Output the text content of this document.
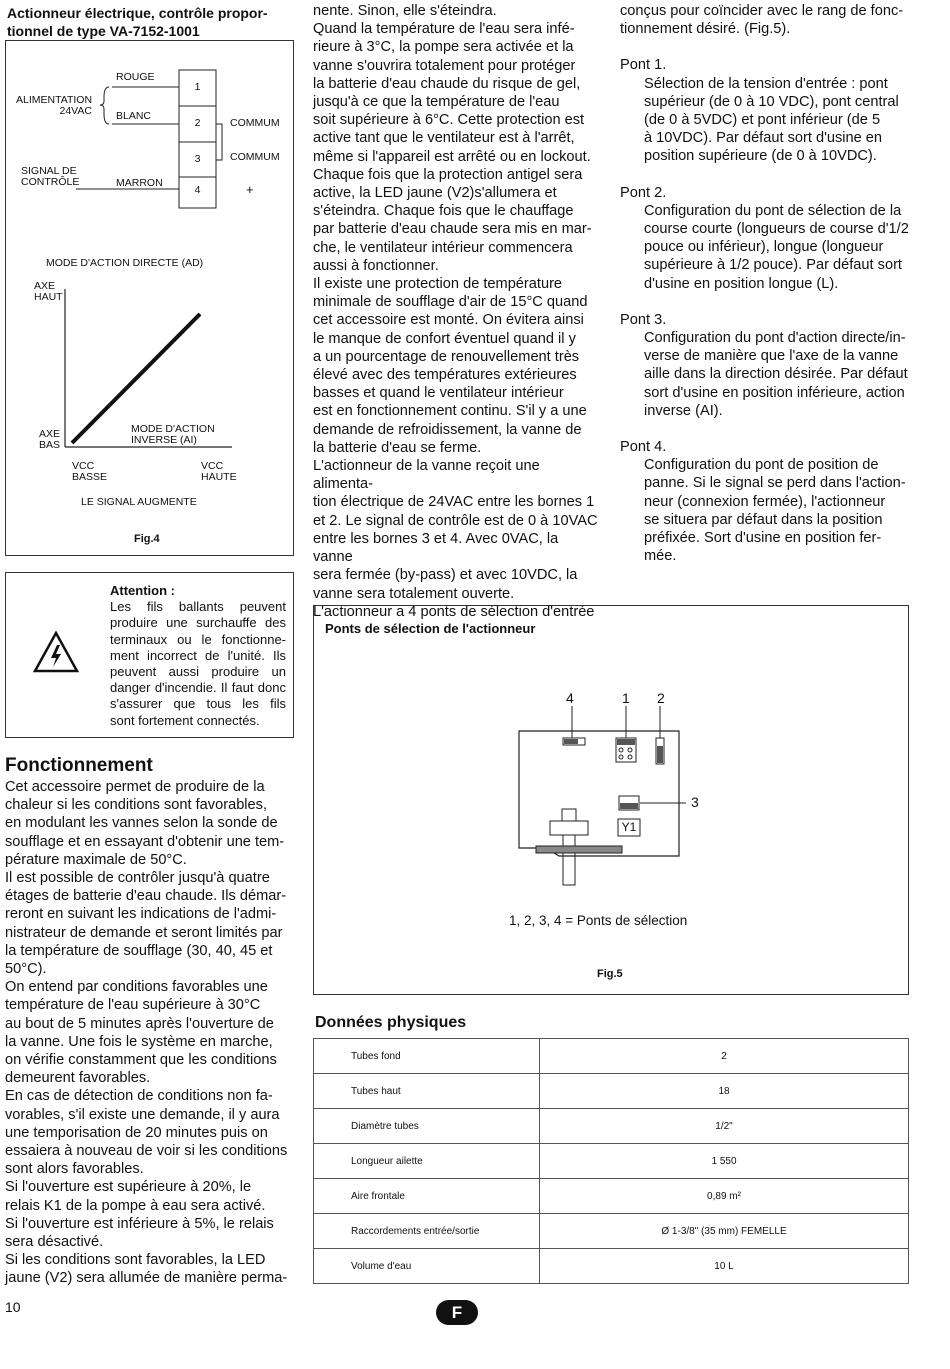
Actionneur électrique, contrôle propor-
tionnel de type VA-7152-1001
ROUGE
BLANC
MARRON
ALIMENTATION
24VAC
SIGNAL DE
CONTRÔLE
1
2
3
4
COMMUM
COMMUM
+
MODE D'ACTION DIRECTE (AD)
AXE
HAUT
AXE
BAS
MODE D'ACTION
INVERSE (AI)
VCC
BASSE
VCC
HAUTE
LE SIGNAL AUGMENTE
Fig.4
Attention :
Les fils ballants peuvent
produire une surchauffe des
terminaux ou le fonctionne-
ment incorrect de l'unité. Ils
peuvent aussi produire un
danger d'incendie. Il faut donc
s'assurer que tous les fils
sont fortement connectés.
Fonctionnement
Cet accessoire permet de produire de la
chaleur si les conditions sont favorables,
en modulant les vannes selon la sonde de
soufflage et en essayant d'obtenir une tem-
pérature maximale de 50°C.
Il est possible de contrôler jusqu'à quatre
étages de batterie d'eau chaude. Ils démar-
reront en suivant les indications de l'admi-
nistrateur de demande et seront limités par
la température de soufflage (30, 40, 45 et
50°C).
On entend par conditions favorables une
température de l'eau supérieure à 30°C
au bout de 5 minutes après l'ouverture de
la vanne. Une fois le système en marche,
on vérifie constamment que les conditions
demeurent favorables.
En cas de détection de conditions non fa-
vorables, s'il existe une demande, il y aura
une temporisation de 20 minutes puis on
essaiera à nouveau de voir si les conditions
sont alors favorables.
Si l'ouverture est supérieure à 20%, le
relais K1 de la pompe à eau sera activé.
Si l'ouverture est inférieure à 5%, le relais
sera désactivé.
Si les conditions sont favorables, la LED
jaune (V2) sera allumée de manière perma-
nente. Sinon, elle s'éteindra.
Quand la température de l'eau sera infé-
rieure à 3°C, la pompe sera activée et la
vanne s'ouvrira totalement pour protéger
la batterie d'eau chaude du risque de gel,
jusqu'à ce que la température de l'eau
soit supérieure à 6°C. Cette protection est
active tant que le ventilateur est à l'arrêt,
même si l'appareil est arrêté ou en lockout.
Chaque fois que la protection antigel sera
active, la LED jaune (V2)s'allumera et
s'éteindra. Chaque fois que le chauffage
par batterie d'eau chaude sera mis en mar-
che, le ventilateur intérieur commencera
aussi à fonctionner.
Il existe une protection de température
minimale de soufflage d'air de 15°C quand
cet accessoire est monté. On évitera ainsi
le manque de confort éventuel quand il y
a un pourcentage de renouvellement très
élevé avec des températures extérieures
basses et quand le ventilateur intérieur
est en fonctionnement continu. S'il y a une
demande de refroidissement, la vanne de
la batterie d'eau se ferme.
L'actionneur de la vanne reçoit une alimenta-
tion électrique de 24VAC entre les bornes 1
et 2. Le signal de contrôle est de 0 à 10VAC
entre les bornes 3 et 4. Avec 0VAC, la vanne
sera fermée (by-pass) et avec 10VDC, la
vanne sera totalement ouverte.
L'actionneur a 4 ponts de sélection d'entrée
conçus pour coïncider avec le rang de fonc-
tionnement désiré. (Fig.5).
Pont 1.
Sélection de la tension d'entrée : pont
supérieur (de 0 à 10 VDC), pont central
(de 0 à 5VDC) et pont inférieur (de 5
à 10VDC). Par défaut sort d'usine en
position supérieure (de 0 à 10VDC).
Pont 2.
Configuration du pont de sélection de la
course courte (longueurs de course d'1/2
pouce ou inférieur), longue (longueur
supérieure à 1/2 pouce). Par défaut sort
d'usine en position longue (L).
Pont 3.
Configuration du pont d'action directe/in-
verse de manière que l'axe de la vanne
aille dans la direction désirée. Par défaut
sort d'usine en position inférieure, action
inverse (AI).
Pont 4.
Configuration du pont de position de
panne. Si le signal se perd dans l'action-
neur (connexion fermée), l'actionneur
se situera par défaut dans la position
préfixée. Sort d'usine en position fer-
mée.
Ponts de sélection de l'actionneur
4	1 2
3
Y1
1, 2, 3, 4 = Ponts de sélection
Fig.5
Données physiques
Tubes fond	2
Tubes haut	18
Diamètre tubes	1/2"
Longueur ailette	1 550
Aire frontale	0,89 m²
Raccordements entrée/sortie	Ø 1-3/8" (35 mm) FEMELLE
Volume d'eau	10 L
10	F
